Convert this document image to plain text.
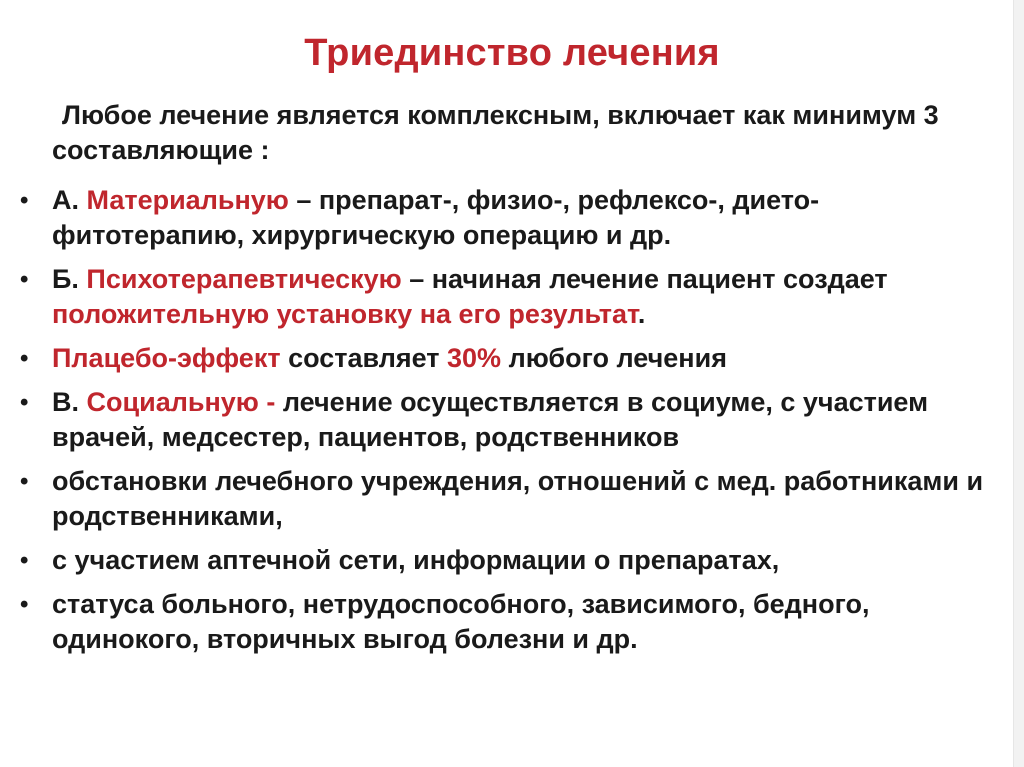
Триединство лечения
Любое лечение является комплексным, включает как минимум 3 составляющие :
• А. Материальную – препарат-, физио-, рефлексо-, дието- фитотерапию, хирургическую операцию и др.
• Б. Психотерапевтическую – начиная лечение пациент создает положительную установку на его результат.
• Плацебо-эффект составляет 30% любого лечения
• В. Социальную - лечение осуществляется в социуме, с участием врачей, медсестер, пациентов, родственников
• обстановки лечебного учреждения, отношений с мед. работниками и родственниками,
• с участием аптечной сети, информации о препаратах,
• статуса больного, нетрудоспособного, зависимого, бедного, одинокого, вторичных выгод болезни и др.
